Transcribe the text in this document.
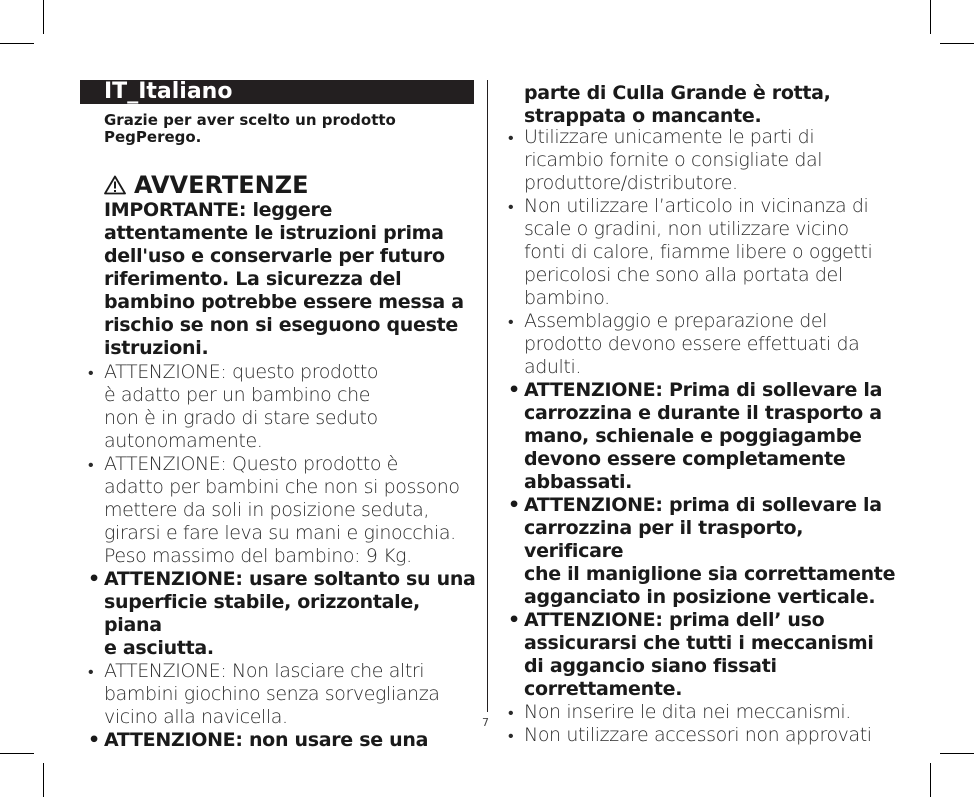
IT_Italiano
Grazie per aver scelto un prodotto PegPerego.
AVVERTENZE
IMPORTANTE: leggere attentamente le istruzioni prima dell'uso e conservarle per futuro riferimento. La sicurezza del bambino potrebbe essere messa a rischio se non si eseguono queste istruzioni.
• ATTENZIONE: questo prodotto
è adatto per un bambino che
non è in grado di stare seduto
autonomamente.
• ATTENZIONE: Questo prodotto è
adatto per bambini che non si possono
mettere da soli in posizione seduta,
girarsi e fare leva su mani e ginocchia.
Peso massimo del bambino: 9 Kg.
• ATTENZIONE: usare soltanto su una
superficie stabile, orizzontale, piana
e asciutta.
• ATTENZIONE: Non lasciare che altri
bambini giochino senza sorveglianza
vicino alla navicella.
• ATTENZIONE: non usare se una
7
parte di Culla Grande è rotta,
strappata o mancante.
• Utilizzare unicamente le parti di
ricambio fornite o consigliate dal
produttore/distributore.
• Non utilizzare l’articolo in vicinanza di
scale o gradini, non utilizzare vicino
fonti di calore, fiamme libere o oggetti
pericolosi che sono alla portata del
bambino.
• Assemblaggio e preparazione del
prodotto devono essere effettuati da
adulti.
• ATTENZIONE: Prima di sollevare la
carrozzina e durante il trasporto a
mano, schienale e poggiagambe
devono essere completamente
abbassati.
• ATTENZIONE: prima di sollevare la
carrozzina per il trasporto, verificare
che il maniglione sia correttamente
agganciato in posizione verticale.
• ATTENZIONE: prima dell’ uso
assicurarsi che tutti i meccanismi
di aggancio siano fissati
correttamente.
• Non inserire le dita nei meccanismi.
• Non utilizzare accessori non approvati
